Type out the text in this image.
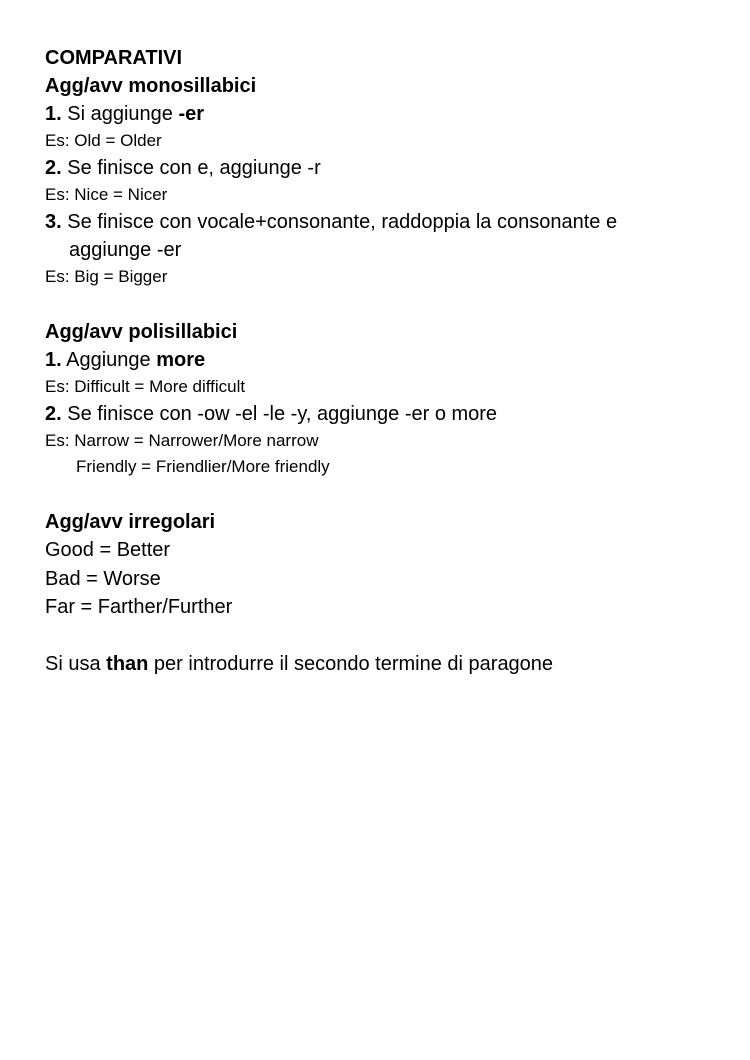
COMPARATIVI
Agg/avv monosillabici
1. Si aggiunge -er
Es: Old = Older
2. Se finisce con e, aggiunge -r
Es: Nice = Nicer
3. Se finisce con vocale+consonante, raddoppia la consonante e
aggiunge -er
Es: Big = Bigger
Agg/avv polisillabici
1. Aggiunge more
Es: Difficult = More difficult
2. Se finisce con -ow -el -le -y, aggiunge -er o more
Es: Narrow = Narrower/More narrow
Friendly = Friendlier/More friendly
Agg/avv irregolari
Good = Better
Bad = Worse
Far = Farther/Further
Si usa than per introdurre il secondo termine di paragone
